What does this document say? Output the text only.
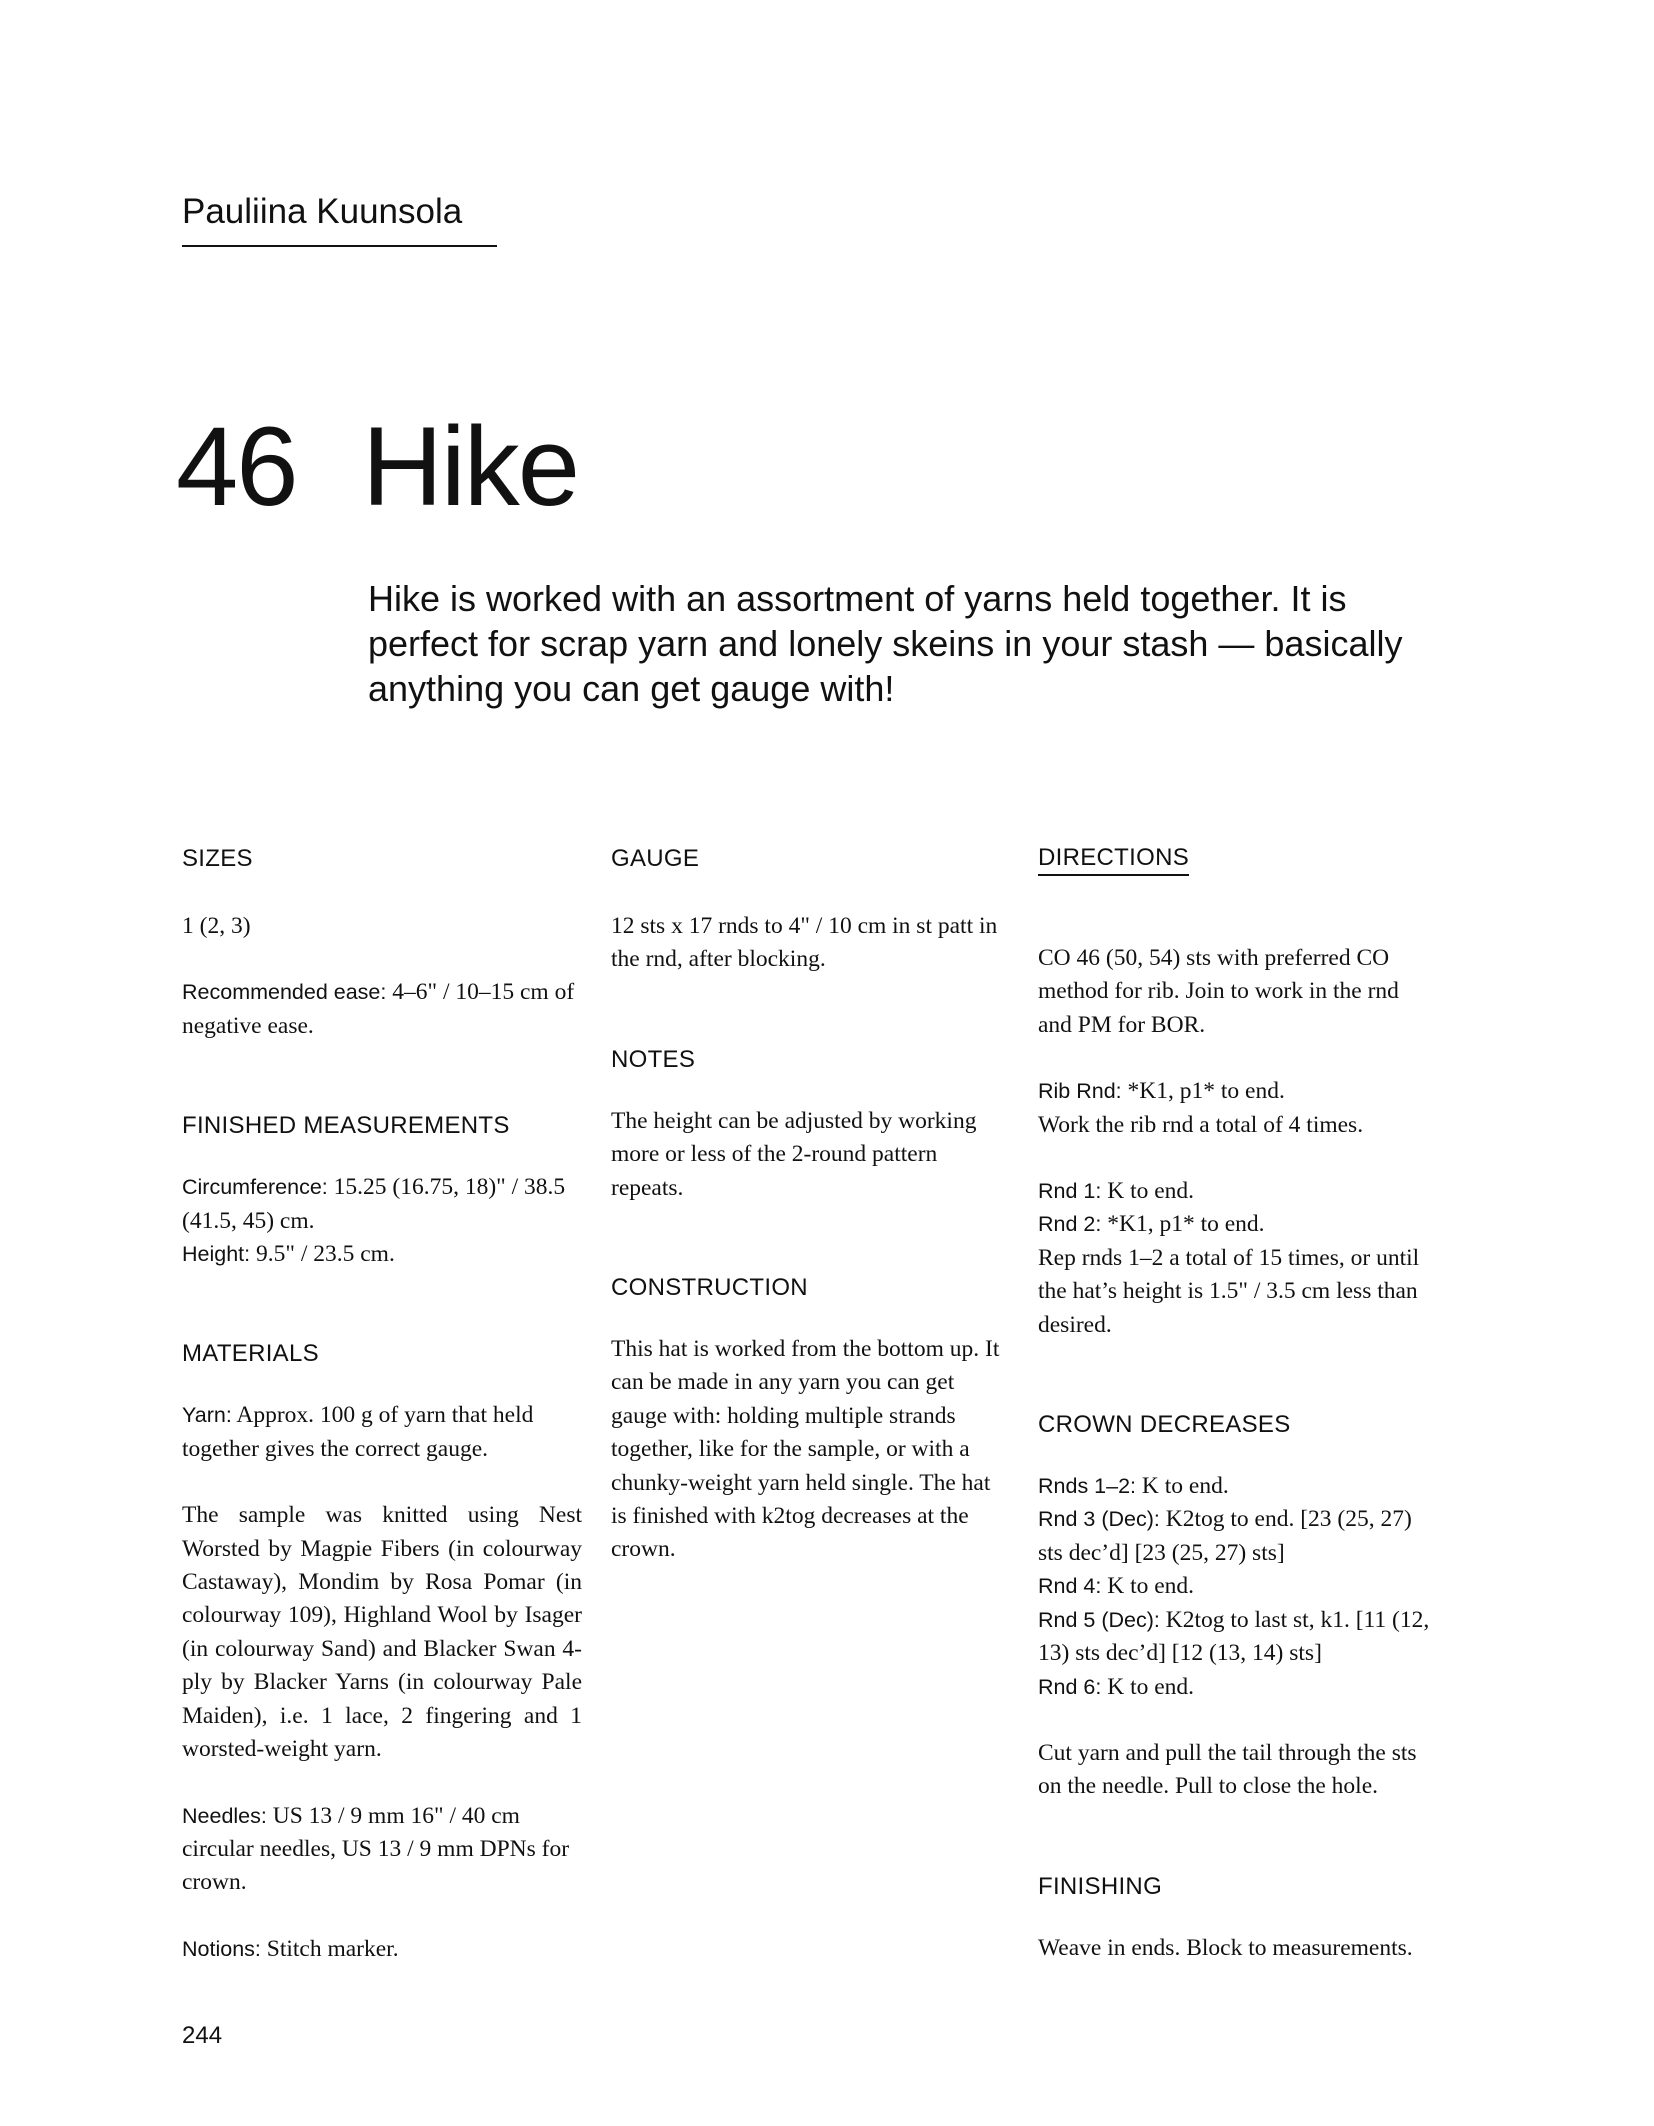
Pauliina Kuunsola
46 Hike
Hike is worked with an assortment of yarns held together. It is perfect for scrap yarn and lonely skeins in your stash — basically anything you can get gauge with!
SIZES
1 (2, 3)
Recommended ease: 4–6" / 10–15 cm of negative ease.
FINISHED MEASUREMENTS
Circumference: 15.25 (16.75, 18)" / 38.5 (41.5, 45) cm.
Height: 9.5" / 23.5 cm.
MATERIALS
Yarn: Approx. 100 g of yarn that held together gives the correct gauge.
The sample was knitted using Nest Worsted by Magpie Fibers (in colourway Castaway), Mondim by Rosa Pomar (in colourway 109), Highland Wool by Isager (in colourway Sand) and Blacker Swan 4-ply by Blacker Yarns (in colourway Pale Maiden), i.e. 1 lace, 2 fingering and 1 worsted-weight yarn.
Needles: US 13 / 9 mm 16" / 40 cm circular needles, US 13 / 9 mm DPNs for crown.
Notions: Stitch marker.
GAUGE
12 sts x 17 rnds to 4" / 10 cm in st patt in the rnd, after blocking.
NOTES
The height can be adjusted by working more or less of the 2-round pattern repeats.
CONSTRUCTION
This hat is worked from the bottom up. It can be made in any yarn you can get gauge with: holding multiple strands together, like for the sample, or with a chunky-weight yarn held single. The hat is finished with k2tog decreases at the crown.
DIRECTIONS
CO 46 (50, 54) sts with preferred CO method for rib. Join to work in the rnd and PM for BOR.
Rib Rnd: *K1, p1* to end.
Work the rib rnd a total of 4 times.
Rnd 1: K to end.
Rnd 2: *K1, p1* to end.
Rep rnds 1–2 a total of 15 times, or until the hat’s height is 1.5" / 3.5 cm less than desired.
CROWN DECREASES
Rnds 1–2: K to end.
Rnd 3 (Dec): K2tog to end. [23 (25, 27) sts dec’d] [23 (25, 27) sts]
Rnd 4: K to end.
Rnd 5 (Dec): K2tog to last st, k1. [11 (12, 13) sts dec’d] [12 (13, 14) sts]
Rnd 6: K to end.
Cut yarn and pull the tail through the sts on the needle. Pull to close the hole.
FINISHING
Weave in ends. Block to measurements.
244
